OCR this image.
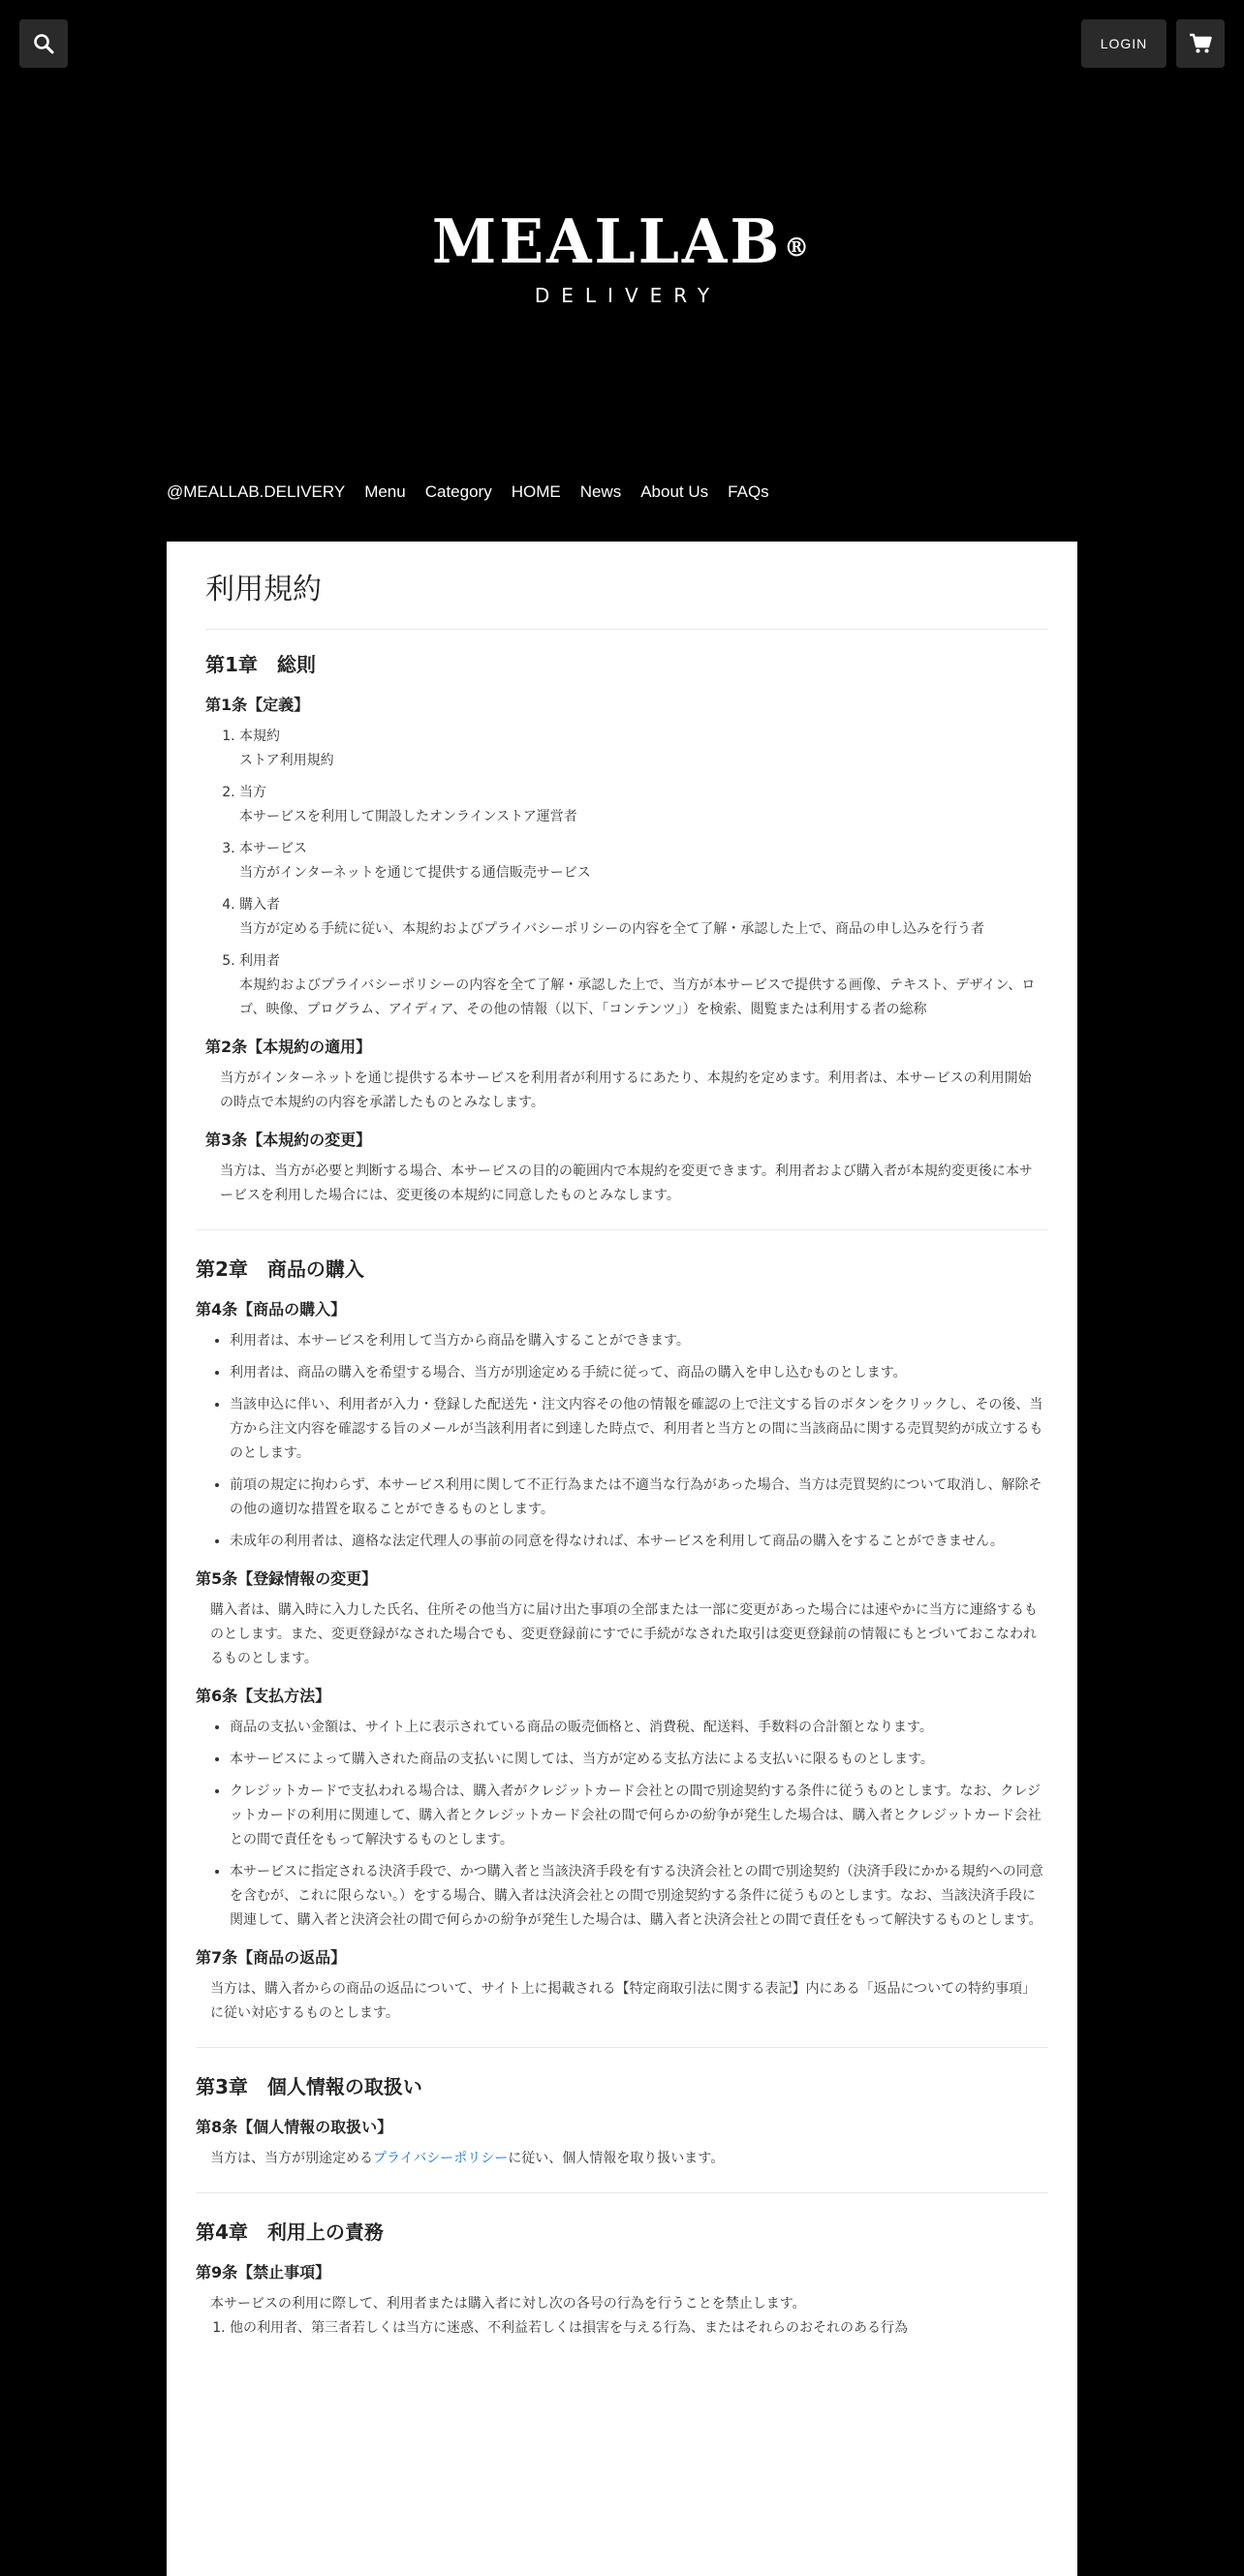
LOGIN
MEALLAB®
DELIVERY
@MEALLAB.DELIVERY Menu Category HOME News About Us FAQs
利用規約
第1章　総則
第1条【定義】
1. 本規約
ストア利用規約
2. 当方
本サービスを利用して開設したオンラインストア運営者
3. 本サービス
当方がインターネットを通じて提供する通信販売サービス
4. 購入者
当方が定める手続に従い、本規約およびプライバシーポリシーの内容を全て了解・承認した上で、商品の申し込みを行う者
5. 利用者
本規約およびプライバシーポリシーの内容を全て了解・承認した上で、当方が本サービスで提供する画像、テキスト、デザイン、ロゴ、映像、プログラム、アイディア、その他の情報（以下、「コンテンツ」）を検索、閲覧または利用する者の総称
第2条【本規約の適用】

当方がインターネットを通じ提供する本サービスを利用者が利用するにあたり、本規約を定めます。利用者は、本サービスの利用開始の時点で本規約の内容を承諾したものとみなします。

第3条【本規約の変更】

当方は、当方が必要と判断する場合、本サービスの目的の範囲内で本規約を変更できます。利用者および購入者が本規約変更後に本サービスを利用した場合には、変更後の本規約に同意したものとみなします。

第2章　商品の購入
第4条【商品の購入】
• 利用者は、本サービスを利用して当方から商品を購入することができます。
• 利用者は、商品の購入を希望する場合、当方が別途定める手続に従って、商品の購入を申し込むものとします。
• 当該申込に伴い、利用者が入力・登録した配送先・注文内容その他の情報を確認の上で注文する旨のボタンをクリックし、その後、当方から注文内容を確認する旨のメールが当該利用者に到達した時点で、利用者と当方との間に当該商品に関する売買契約が成立するものとします。
• 前項の規定に拘わらず、本サービス利用に関して不正行為または不適当な行為があった場合、当方は売買契約について取消し、解除その他の適切な措置を取ることができるものとします。
• 未成年の利用者は、適格な法定代理人の事前の同意を得なければ、本サービスを利用して商品の購入をすることができません。
第5条【登録情報の変更】

購入者は、購入時に入力した氏名、住所その他当方に届け出た事項の全部または一部に変更があった場合には速やかに当方に連絡するものとします。また、変更登録がなされた場合でも、変更登録前にすでに手続がなされた取引は変更登録前の情報にもとづいておこなわれるものとします。

第6条【支払方法】
• 商品の支払い金額は、サイト上に表示されている商品の販売価格と、消費税、配送料、手数料の合計額となります。
• 本サービスによって購入された商品の支払いに関しては、当方が定める支払方法による支払いに限るものとします。
• クレジットカードで支払われる場合は、購入者がクレジットカード会社との間で別途契約する条件に従うものとします。なお、クレジットカードの利用に関連して、購入者とクレジットカード会社の間で何らかの紛争が発生した場合は、購入者とクレジットカード会社との間で責任をもって解決するものとします。
• 本サービスに指定される決済手段で、かつ購入者と当該決済手段を有する決済会社との間で別途契約（決済手段にかかる規約への同意を含むが、これに限らない。）をする場合、購入者は決済会社との間で別途契約する条件に従うものとします。なお、当該決済手段に関連して、購入者と決済会社の間で何らかの紛争が発生した場合は、購入者と決済会社との間で責任をもって解決するものとします。
第7条【商品の返品】

当方は、購入者からの商品の返品について、サイト上に掲載される【特定商取引法に関する表記】内にある「返品についての特約事項」に従い対応するものとします。

第3章　個人情報の取扱い
第8条【個人情報の取扱い】

当方は、当方が別途定めるプライバシーポリシーに従い、個人情報を取り扱います。

第4章　利用上の責務
第9条【禁止事項】

本サービスの利用に際して、利用者または購入者に対し次の各号の行為を行うことを禁止します。

1. 他の利用者、第三者若しくは当方に迷惑、不利益若しくは損害を与える行為、またはそれらのおそれのある行為
